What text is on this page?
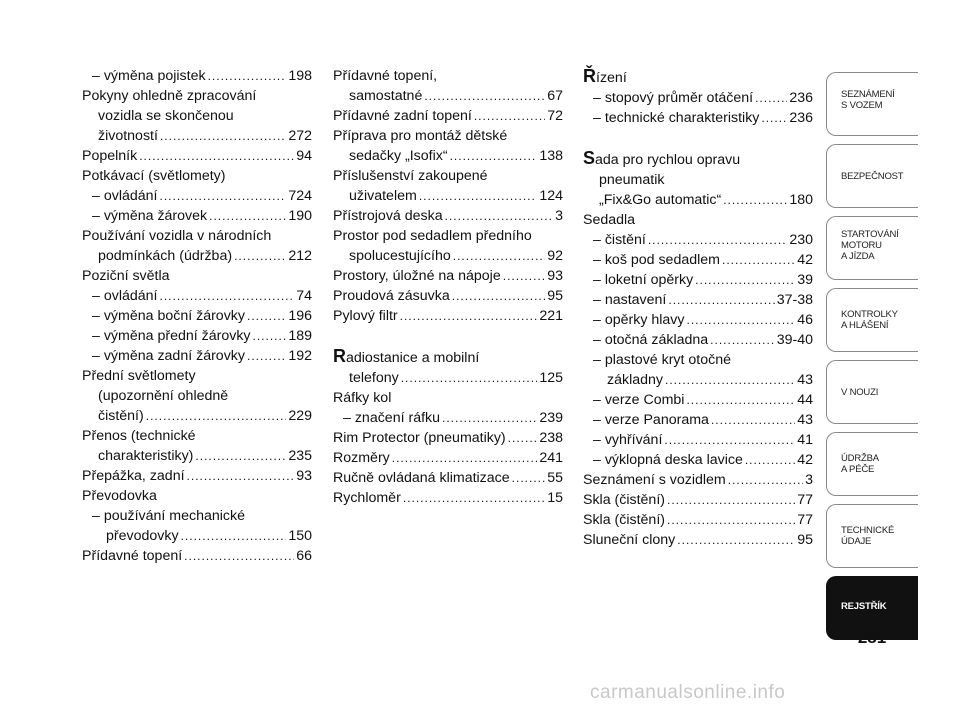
– výměna pojistek .....	198
Pokyny ohledně zpracování
vozidla se skončenou
životností .....	272
Popelník .....	94
Potkávací (světlomety)
– ovládání .....	724
– výměna žárovek .....	190
Používání vozidla v národních
podmínkách (údržba) .....	212
Poziční světla
– ovládání .....	74
– výměna boční žárovky .....	196
– výměna přední žárovky .....	189
– výměna zadní žárovky .....	192
Přední světlomety
(upozornění ohledně
čistění) .....	229
Přenos (technické
charakteristiky) .....	235
Přepážka, zadní .....	93
Převodovka
– používání mechanické
převodovky .....	150
Přídavné topení .....	66
Přídavné topení,
samostatné .....	67
Přídavné zadní topení .....	72
Příprava pro montáž dětské
sedačky „Isofix“ .....	138
Příslušenství zakoupené
uživatelem .....	124
Přístrojová deska .....	3
Prostor pod sedadlem předního
spolucestujícího .....	92
Prostory, úložné na nápoje .....	93
Proudová zásuvka .....	95
Pylový filtr .....	221
Radiostanice a mobilní
telefony .....	125
Ráfky kol
– značení ráfku .....	239
Rim Protector (pneumatiky) ..... 238
Rozměry .....	241
Ručně ovládaná klimatizace .....	55
Rychloměr .....	15
Řízení
– stopový průměr otáčení .....	236
– technické charakteristiky ..... 236
Sada pro rychlou opravu
pneumatik
„Fix&Go automatic“ .....	180
Sedadla
– čistění .....	230
– koš pod sedadlem .....	42
– loketní opěrky .....	39
– nastavení .....	37-38
– opěrky hlavy .....	46
– otočná základna .....	39-40
– plastové kryt otočné
základny .....	43
– verze Combi .....	44
– verze Panorama .....	43
– vyhřívání .....	41
– výklopná deska lavice .....	42
Seznámení s vozidlem .....	3
Skla (čistění) .....	77
Skla (čistění) .....	77
Sluneční clony .....	95
SEZNÁMENÍ
S VOZEM
BEZPEČNOST
STARTOVÁNÍ
MOTORU
A JÍZDA
KONTROLKY
A HLÁŠENÍ
V NOUZI
ÚDRŽBA
A PÉČE
TECHNICKÉ
ÚDAJE
REJSTŘÍK
281
carmanualsonline.info
